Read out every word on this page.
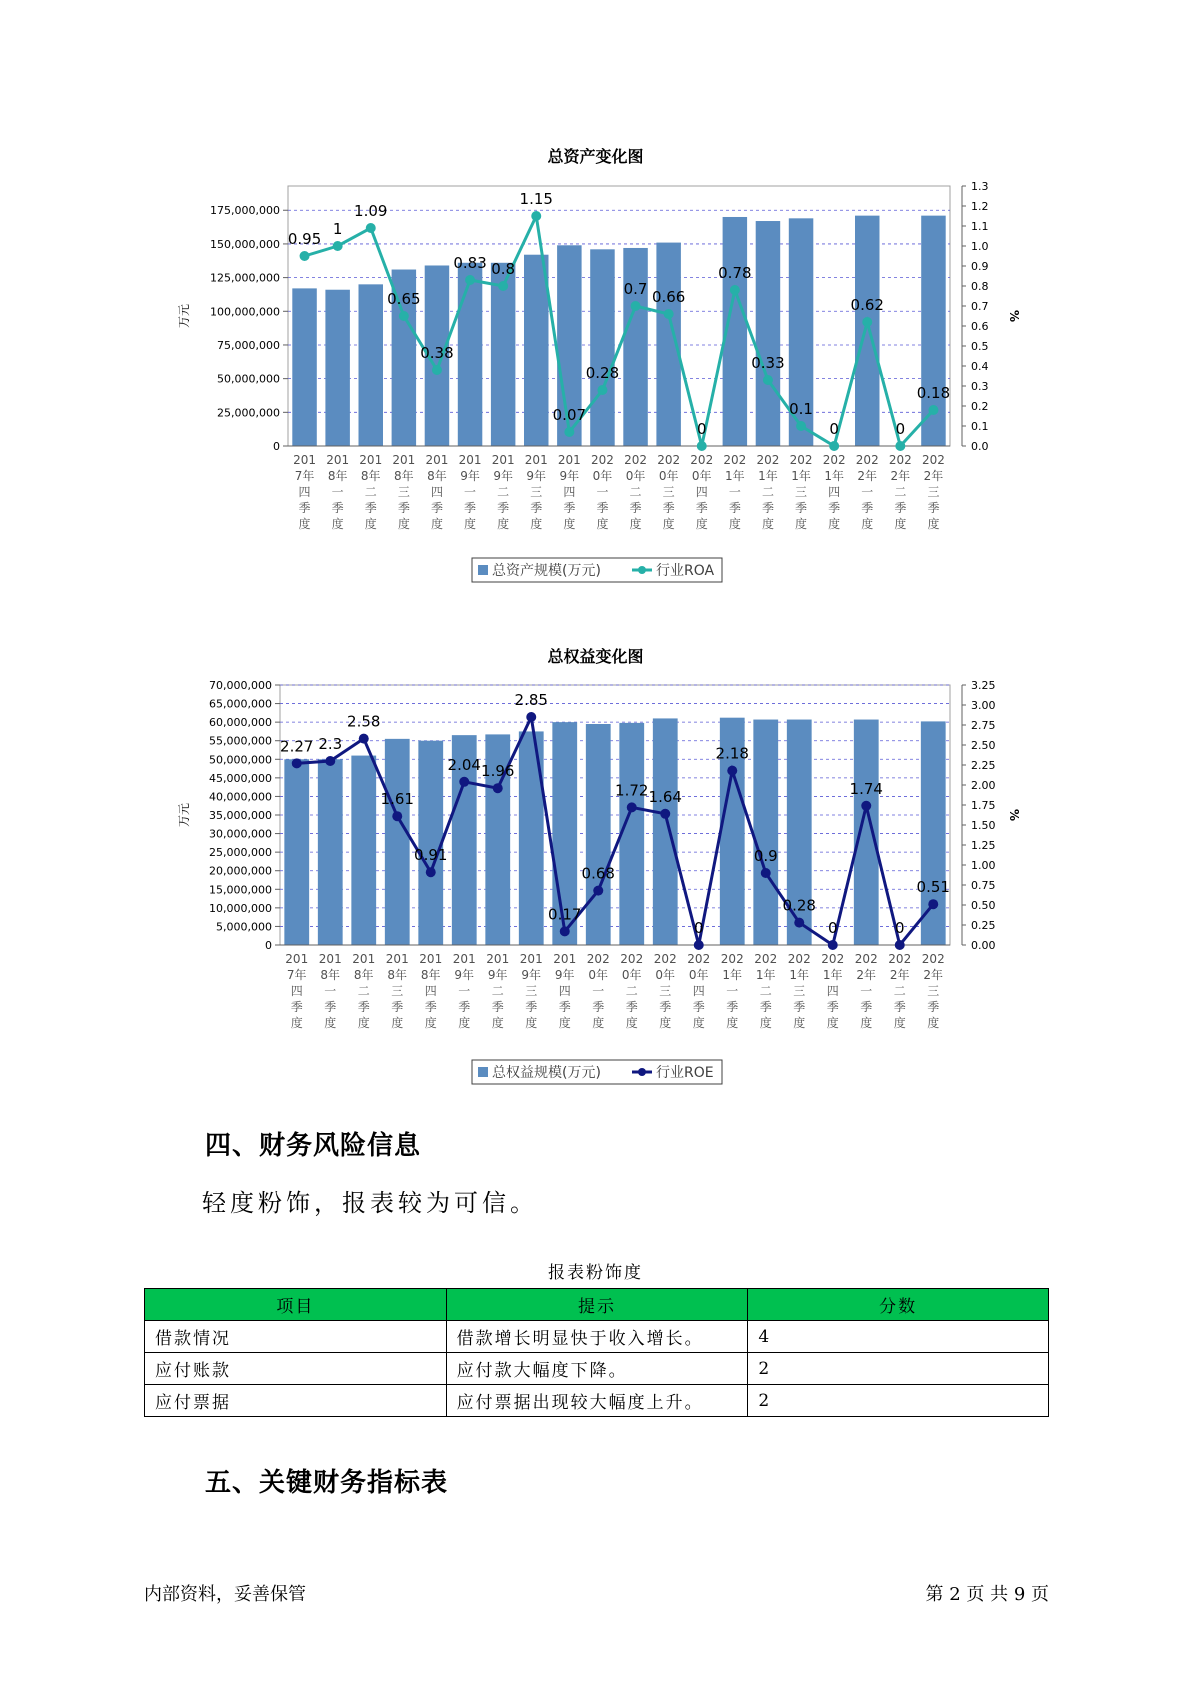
总资产变化图
0
25,000,000
50,000,000
75,000,000
100,000,000
125,000,000
150,000,000
175,000,000
0.0
0.1
0.2
0.3
0.4
0.5
0.6
0.7
0.8
0.9
1.0
1.1
1.2
1.3
万元	%
201 7年四季度
201 8年一季度
201 8年二季度
201 8年三季度
201 8年四季度
201 9年一季度
201 9年二季度
201 9年三季度
201 9年四季度
202 0年一季度
202 0年二季度
202 0年三季度
202 0年四季度
202 1年一季度
202 1年二季度
202 1年三季度
202 1年四季度
202 2年一季度
202 2年二季度
202 2年三季度
0.95
1
1.09
0.65
0.38
0.83 0.8
1.15
0.07
0.28
0.7 0.66
0
0.78
0.33
0.1
0
0.62
0
0.18
总资产规模(万元)	行业ROA
总权益变化图
0
5,000,000
10,000,000
15,000,000
20,000,000
25,000,000
30,000,000
35,000,000
40,000,000
45,000,000
50,000,000
55,000,000
60,000,000
65,000,000
70,000,000
0.00
0.25
0.50
0.75
1.00
1.25
1.50
1.75
2.00
2.25
2.50
2.75
3.00
3.25
万元	%
201 7年四季度
201 8年一季度
201 8年二季度
201 8年三季度
201 8年四季度
201 9年一季度
201 9年二季度
201 9年三季度
201 9年四季度
202 0年一季度
202 0年二季度
202 0年三季度
202 0年四季度
202 1年一季度
202 1年二季度
202 1年三季度
202 1年四季度
202 2年一季度
202 2年二季度
202 2年三季度
2.27 2.3
2.58
1.61
0.91
2.04 1.96
2.85
0.17
0.68
1.72 1.64
0
2.18
0.9
0.28
0
1.74
0
0.51
总权益规模(万元)	行业ROE
四、财务风险信息
轻度粉饰，报表较为可信。
报表粉饰度
项目	提示	分数
借款情况	借款增长明显快于收入增长。	4
应付账款	应付款大幅度下降。	2
应付票据	应付票据出现较大幅度上升。	2
五、关键财务指标表
内部资料，妥善保管	第 2 页 共 9 页
